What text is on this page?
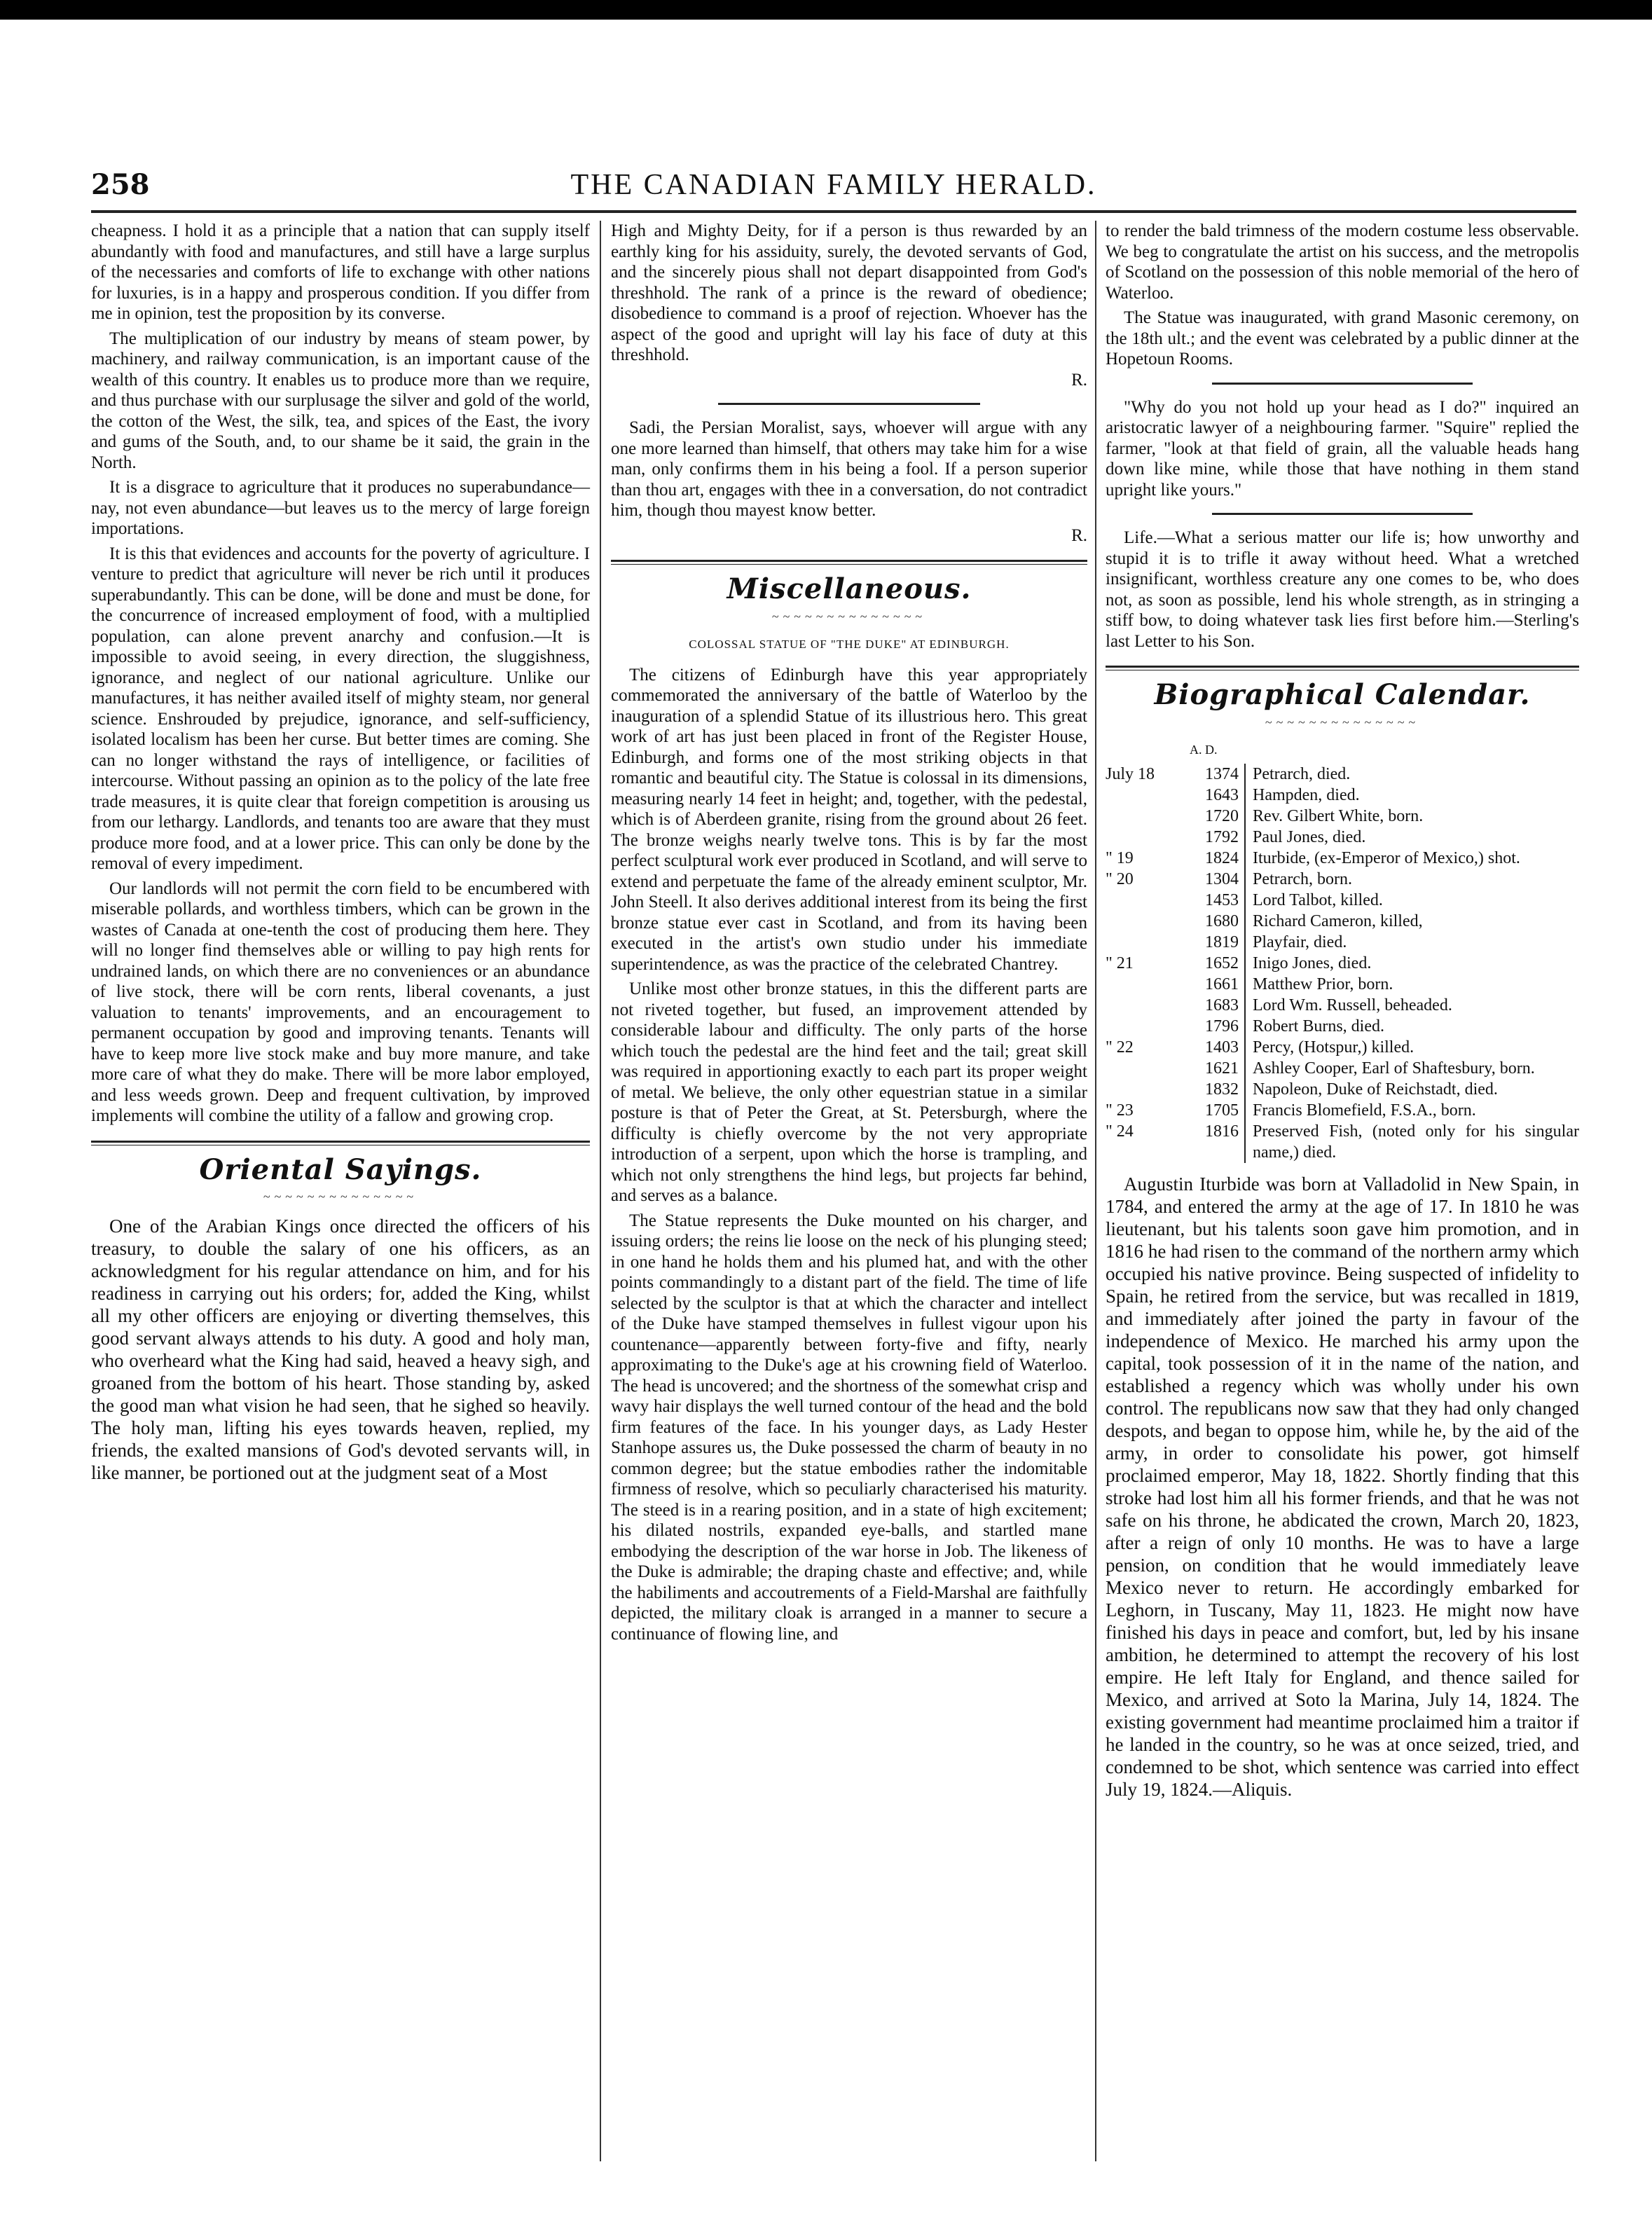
258	THE CANADIAN FAMILY HERALD.

cheapness. I hold it as a principle that a nation that can supply itself abundantly with food and manufactures, and still have a large surplus of the necessaries and comforts of life to exchange with other nations for luxuries, is in a happy and prosperous condition. If you differ from me in opinion, test the proposition by its converse.

The multiplication of our industry by means of steam power, by machinery, and railway communication, is an important cause of the wealth of this country. It enables us to produce more than we require, and thus purchase with our surplusage the silver and gold of the world, the cotton of the West, the silk, tea, and spices of the East, the ivory and gums of the South, and, to our shame be it said, the grain in the North.

It is a disgrace to agriculture that it produces no superabundance—nay, not even abundance—but leaves us to the mercy of large foreign importations.

It is this that evidences and accounts for the poverty of agriculture. I venture to predict that agriculture will never be rich until it produces superabundantly. This can be done, will be done and must be done, for the concurrence of increased employment of food, with a multiplied population, can alone prevent anarchy and confusion.—It is impossible to avoid seeing, in every direction, the sluggishness, ignorance, and neglect of our national agriculture. Unlike our manufactures, it has neither availed itself of mighty steam, nor general science. Enshrouded by prejudice, ignorance, and self-sufficiency, isolated localism has been her curse. But better times are coming. She can no longer withstand the rays of intelligence, or facilities of intercourse. Without passing an opinion as to the policy of the late free trade measures, it is quite clear that foreign competition is arousing us from our lethargy. Landlords, and tenants too are aware that they must produce more food, and at a lower price. This can only be done by the removal of every impediment.

Our landlords will not permit the corn field to be encumbered with miserable pollards, and worthless timbers, which can be grown in the wastes of Canada at one-tenth the cost of producing them here. They will no longer find themselves able or willing to pay high rents for undrained lands, on which there are no conveniences or an abundance of live stock, there will be corn rents, liberal covenants, a just valuation to tenants' improvements, and an encouragement to permanent occupation by good and improving tenants. Tenants will have to keep more live stock make and buy more manure, and take more care of what they do make. There will be more labor employed, and less weeds grown. Deep and frequent cultivation, by improved implements will combine the utility of a fallow and growing crop.

Oriental Sayings.
~~~~~~~~~~~~~~

One of the Arabian Kings once directed the officers of his treasury, to double the salary of one his officers, as an acknowledgment for his regular attendance on him, and for his readiness in carrying out his orders; for, added the King, whilst all my other officers are enjoying or diverting themselves, this good servant always attends to his duty. A good and holy man, who overheard what the King had said, heaved a heavy sigh, and groaned from the bottom of his heart. Those standing by, asked the good man what vision he had seen, that he sighed so heavily. The holy man, lifting his eyes towards heaven, replied, my friends, the exalted mansions of God's devoted servants will, in like manner, be portioned out at the judgment seat of a Most

High and Mighty Deity, for if a person is thus rewarded by an earthly king for his assiduity, surely, the devoted servants of God, and the sincerely pious shall not depart disappointed from God's threshhold. The rank of a prince is the reward of obedience; disobedience to command is a proof of rejection. Whoever has the aspect of the good and upright will lay his face of duty at this threshhold.

R.

Sadi, the Persian Moralist, says, whoever will argue with any one more learned than himself, that others may take him for a wise man, only confirms them in his being a fool. If a person superior than thou art, engages with thee in a conversation, do not contradict him, though thou mayest know better.

R.
Miscellaneous.
~~~~~~~~~~~~~~
COLOSSAL STATUE OF "THE DUKE" AT EDINBURGH.

The citizens of Edinburgh have this year appropriately commemorated the anniversary of the battle of Waterloo by the inauguration of a splendid Statue of its illustrious hero. This great work of art has just been placed in front of the Register House, Edinburgh, and forms one of the most striking objects in that romantic and beautiful city. The Statue is colossal in its dimensions, measuring nearly 14 feet in height; and, together, with the pedestal, which is of Aberdeen granite, rising from the ground about 26 feet. The bronze weighs nearly twelve tons. This is by far the most perfect sculptural work ever produced in Scotland, and will serve to extend and perpetuate the fame of the already eminent sculptor, Mr. John Steell. It also derives additional interest from its being the first bronze statue ever cast in Scotland, and from its having been executed in the artist's own studio under his immediate superintendence, as was the practice of the celebrated Chantrey.

Unlike most other bronze statues, in this the different parts are not riveted together, but fused, an improvement attended by considerable labour and difficulty. The only parts of the horse which touch the pedestal are the hind feet and the tail; great skill was required in apportioning exactly to each part its proper weight of metal. We believe, the only other equestrian statue in a similar posture is that of Peter the Great, at St. Petersburgh, where the difficulty is chiefly overcome by the not very appropriate introduction of a serpent, upon which the horse is trampling, and which not only strengthens the hind legs, but projects far behind, and serves as a balance.

The Statue represents the Duke mounted on his charger, and issuing orders; the reins lie loose on the neck of his plunging steed; in one hand he holds them and his plumed hat, and with the other points commandingly to a distant part of the field. The time of life selected by the sculptor is that at which the character and intellect of the Duke have stamped themselves in fullest vigour upon his countenance—apparently between forty-five and fifty, nearly approximating to the Duke's age at his crowning field of Waterloo. The head is uncovered; and the shortness of the somewhat crisp and wavy hair displays the well turned contour of the head and the bold firm features of the face. In his younger days, as Lady Hester Stanhope assures us, the Duke possessed the charm of beauty in no common degree; but the statue embodies rather the indomitable firmness of resolve, which so peculiarly characterised his maturity. The steed is in a rearing position, and in a state of high excitement; his dilated nostrils, expanded eye-balls, and startled mane embodying the description of the war horse in Job. The likeness of the Duke is admirable; the draping chaste and effective; and, while the habiliments and accoutrements of a Field-Marshal are faithfully depicted, the military cloak is arranged in a manner to secure a continuance of flowing line, and

to render the bald trimness of the modern costume less observable. We beg to congratulate the artist on his success, and the metropolis of Scotland on the possession of this noble memorial of the hero of Waterloo.

The Statue was inaugurated, with grand Masonic ceremony, on the 18th ult.; and the event was celebrated by a public dinner at the Hopetoun Rooms.

"Why do you not hold up your head as I do?" inquired an aristocratic lawyer of a neighbouring farmer. "Squire" replied the farmer, "look at that field of grain, all the valuable heads hang down like mine, while those that have nothing in them stand upright like yours."

Life.—What a serious matter our life is; how unworthy and stupid it is to trifle it away without heed. What a wretched insignificant, worthless creature any one comes to be, who does not, as soon as possible, lend his whole strength, as in stringing a stiff bow, to doing whatever task lies first before him.—Sterling's last Letter to his Son.

Biographical Calendar.
~~~~~~~~~~~~~~
A. D.
July 18	1374 Petrarch, died.
1643 Hampden, died.
1720 Rev. Gilbert White, born.
1792 Paul Jones, died.
" 19	1824 Iturbide, (ex-Emperor of Mexico,) shot.
" 20	1304 Petrarch, born.
1453 Lord Talbot, killed.
1680 Richard Cameron, killed,
1819 Playfair, died.
" 21	1652 Inigo Jones, died.
1661 Matthew Prior, born.
1683 Lord Wm. Russell, beheaded.
1796 Robert Burns, died.
" 22	1403 Percy, (Hotspur,) killed.
1621 Ashley Cooper, Earl of Shaftesbury, born.
1832 Napoleon, Duke of Reichstadt, died.
" 23	1705 Francis Blomefield, F.S.A., born.
" 24	1816 Preserved Fish, (noted only for his singular name,) died.

Augustin Iturbide was born at Valladolid in New Spain, in 1784, and entered the army at the age of 17. In 1810 he was lieutenant, but his talents soon gave him promotion, and in 1816 he had risen to the command of the northern army which occupied his native province. Being suspected of infidelity to Spain, he retired from the service, but was recalled in 1819, and immediately after joined the party in favour of the independence of Mexico. He marched his army upon the capital, took possession of it in the name of the nation, and established a regency which was wholly under his own control. The republicans now saw that they had only changed despots, and began to oppose him, while he, by the aid of the army, in order to consolidate his power, got himself proclaimed emperor, May 18, 1822. Shortly finding that this stroke had lost him all his former friends, and that he was not safe on his throne, he abdicated the crown, March 20, 1823, after a reign of only 10 months. He was to have a large pension, on condition that he would immediately leave Mexico never to return. He accordingly embarked for Leghorn, in Tuscany, May 11, 1823. He might now have finished his days in peace and comfort, but, led by his insane ambition, he determined to attempt the recovery of his lost empire. He left Italy for England, and thence sailed for Mexico, and arrived at Soto la Marina, July 14, 1824. The existing government had meantime proclaimed him a traitor if he landed in the country, so he was at once seized, tried, and condemned to be shot, which sentence was carried into effect July 19, 1824.—Aliquis.
